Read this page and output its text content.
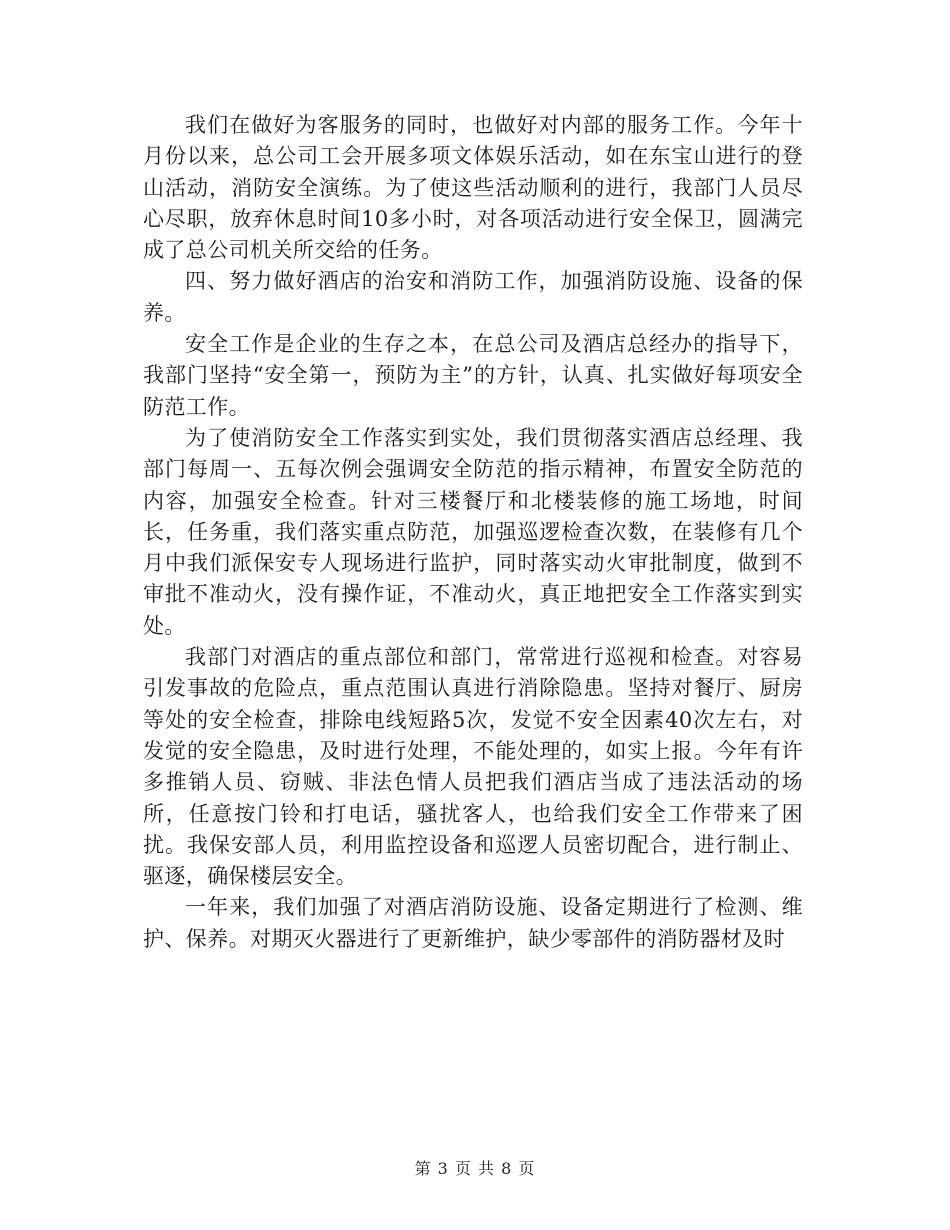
我们在做好为客服务的同时，也做好对内部的服务工作。今年十月份以来，总公司工会开展多项文体娱乐活动，如在东宝山进行的登山活动，消防安全演练。为了使这些活动顺利的进行，我部门人员尽心尽职，放弃休息时间10多小时，对各项活动进行安全保卫，圆满完成了总公司机关所交给的任务。

四、努力做好酒店的治安和消防工作，加强消防设施、设备的保养。

安全工作是企业的生存之本，在总公司及酒店总经办的指导下，我部门坚持“安全第一，预防为主”的方针，认真、扎实做好每项安全防范工作。

为了使消防安全工作落实到实处，我们贯彻落实酒店总经理、我部门每周一、五每次例会强调安全防范的指示精神，布置安全防范的内容，加强安全检查。针对三楼餐厅和北楼装修的施工场地，时间长，任务重，我们落实重点防范，加强巡逻检查次数，在装修有几个月中我们派保安专人现场进行监护，同时落实动火审批制度，做到不审批不准动火，没有操作证，不准动火，真正地把安全工作落实到实处。

我部门对酒店的重点部位和部门，常常进行巡视和检查。对容易引发事故的危险点，重点范围认真进行消除隐患。坚持对餐厅、厨房等处的安全检查，排除电线短路5次，发觉不安全因素40次左右，对发觉的安全隐患，及时进行处理，不能处理的，如实上报。今年有许多推销人员、窃贼、非法色情人员把我们酒店当成了违法活动的场所，任意按门铃和打电话，骚扰客人，也给我们安全工作带来了困扰。我保安部人员，利用监控设备和巡逻人员密切配合，进行制止、驱逐，确保楼层安全。

一年来，我们加强了对酒店消防设施、设备定期进行了检测、维护、保养。对期灭火器进行了更新维护，缺少零部件的消防器材及时

第 3 页 共 8 页
